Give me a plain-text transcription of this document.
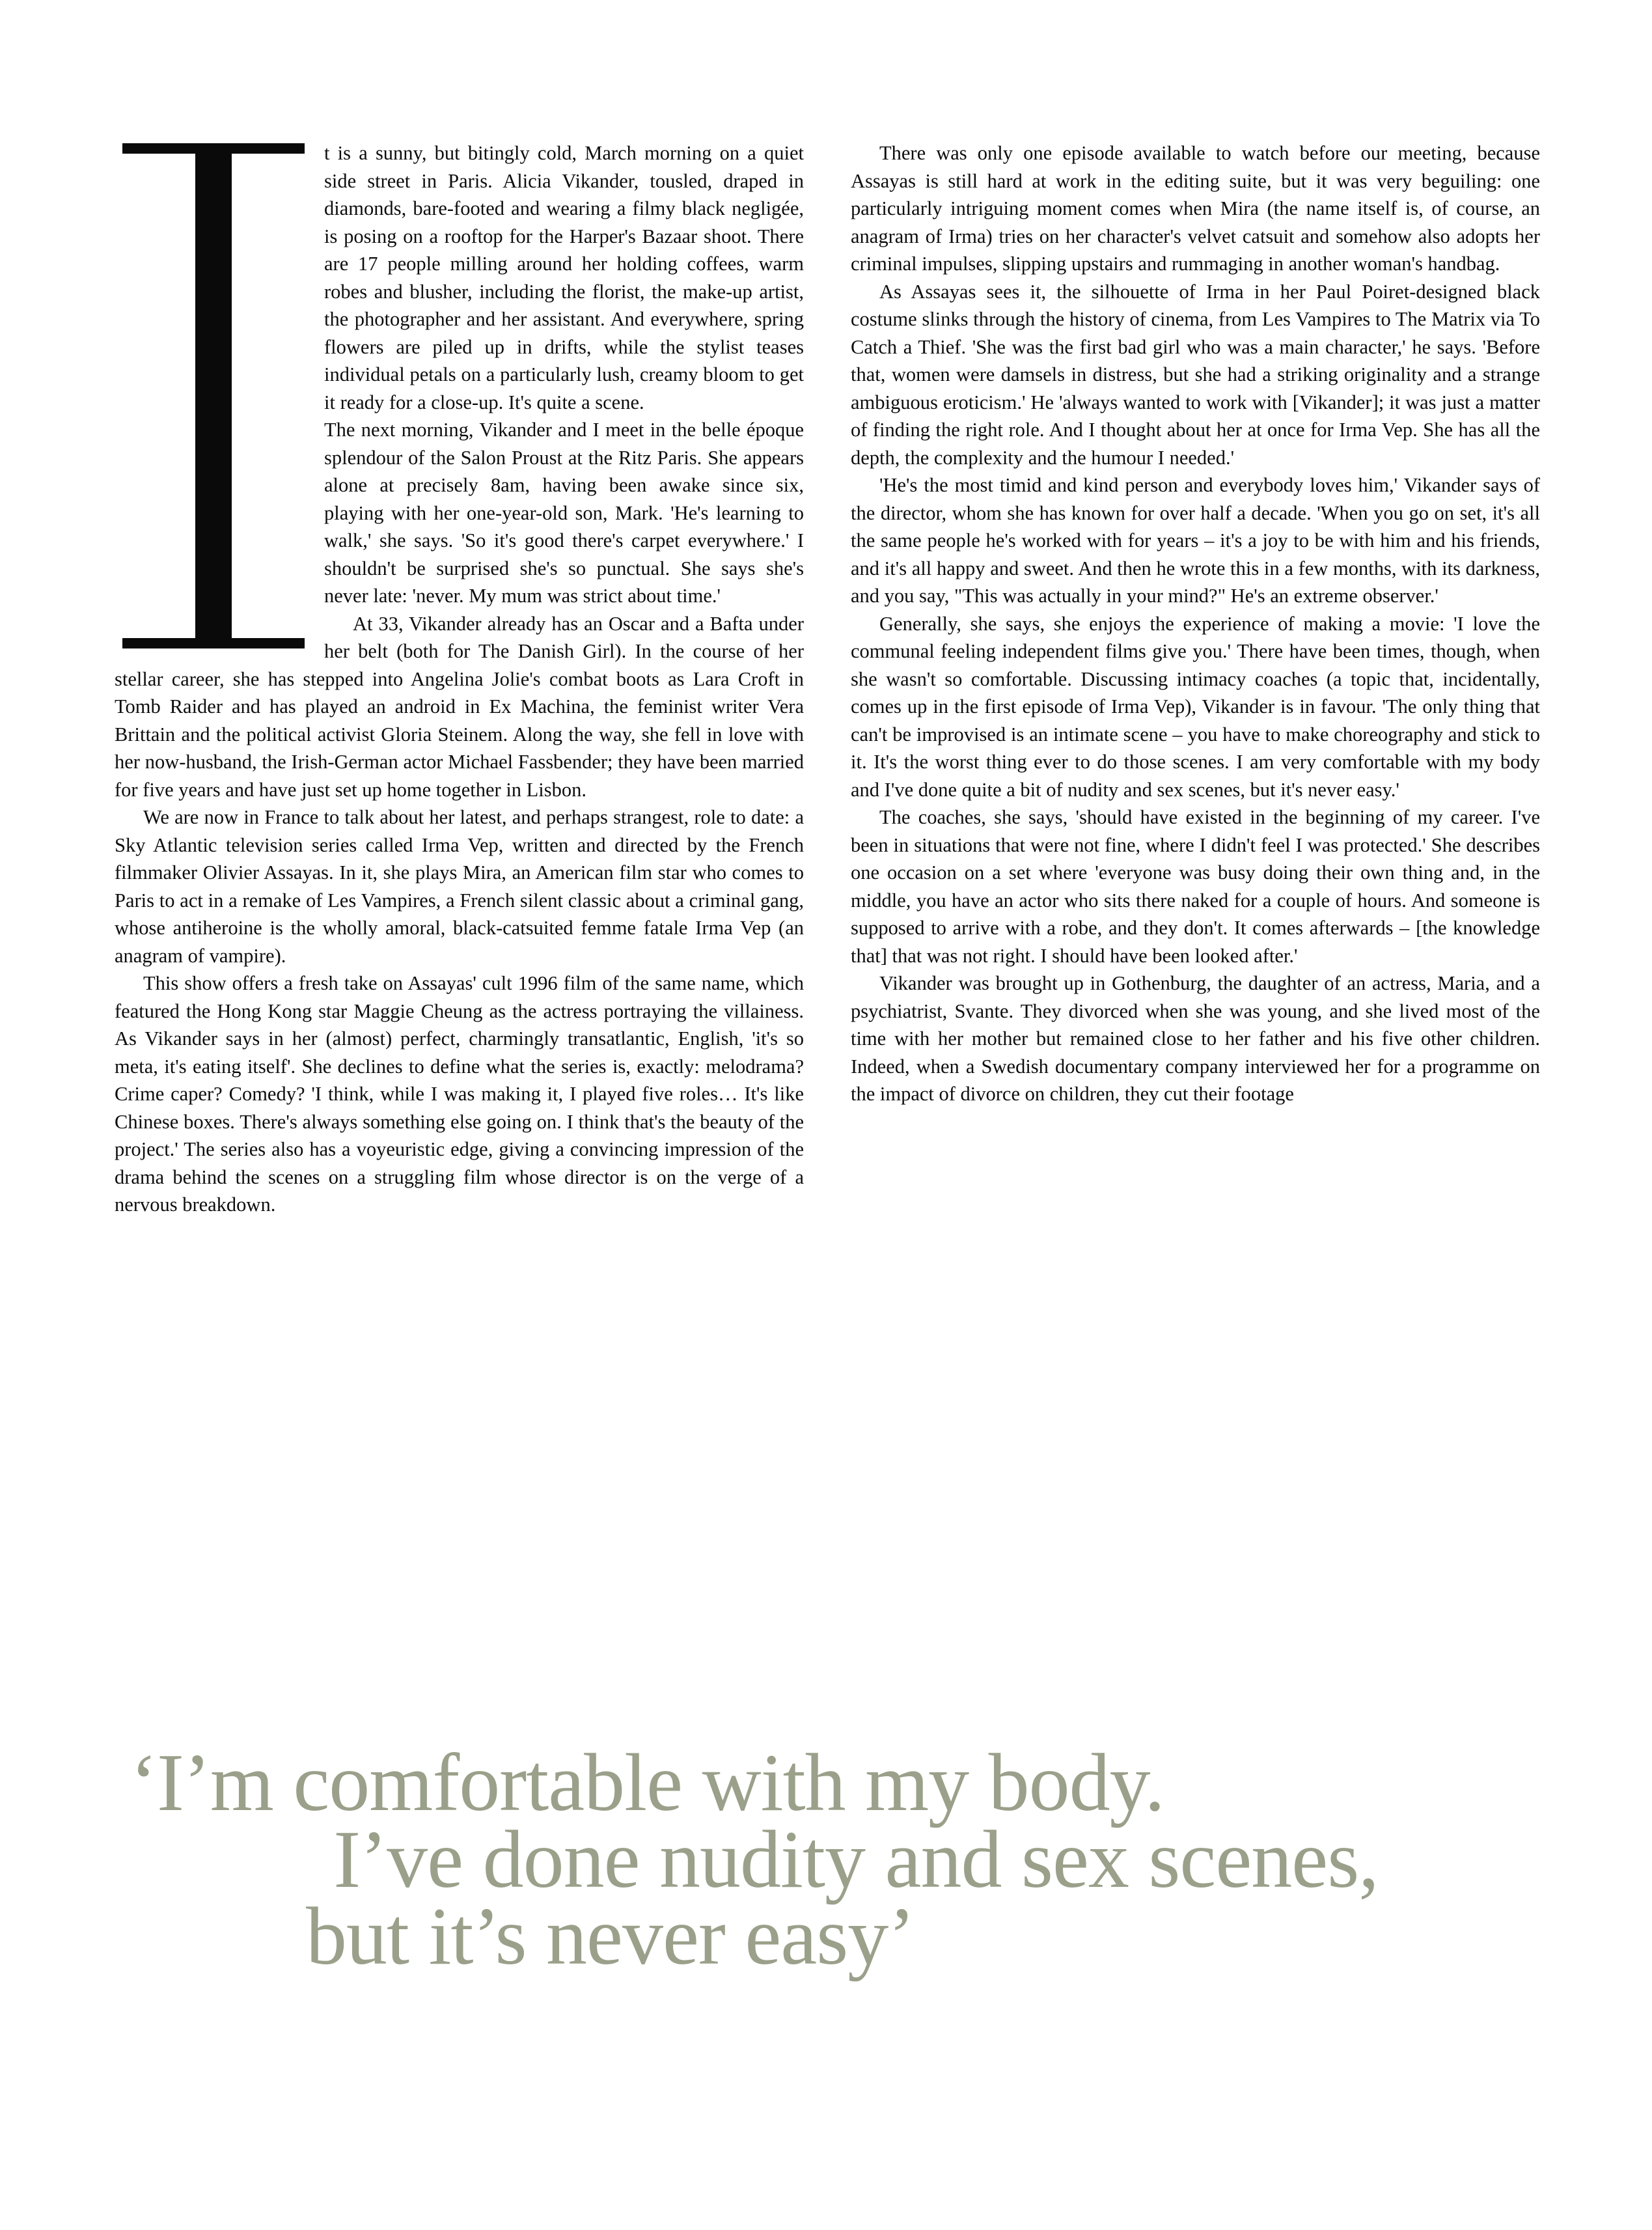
t is a sunny, but bitingly cold, March morning on a quiet side street in Paris. Alicia Vikander, tousled, draped in diamonds, bare-footed and wearing a filmy black negligée, is posing on a rooftop for the Harper's Bazaar shoot. There are 17 people milling around her holding coffees, warm robes and blusher, including the florist, the make-up artist, the photographer and her assistant. And everywhere, spring flowers are piled up in drifts, while the stylist teases individual petals on a particularly lush, creamy bloom to get it ready for a close-up. It's quite a scene.

The next morning, Vikander and I meet in the belle époque splendour of the Salon Proust at the Ritz Paris. She appears alone at precisely 8am, having been awake since six, playing with her one-year-old son, Mark. 'He's learning to walk,' she says. 'So it's good there's carpet everywhere.' I shouldn't be surprised she's so punctual. She says she's never late: 'never. My mum was strict about time.'

At 33, Vikander already has an Oscar and a Bafta under her belt (both for The Danish Girl). In the course of her stellar career, she has stepped into Angelina Jolie's combat boots as Lara Croft in Tomb Raider and has played an android in Ex Machina, the feminist writer Vera Brittain and the political activist Gloria Steinem. Along the way, she fell in love with her now-husband, the Irish-German actor Michael Fassbender; they have been married for five years and have just set up home together in Lisbon.

We are now in France to talk about her latest, and perhaps strangest, role to date: a Sky Atlantic television series called Irma Vep, written and directed by the French filmmaker Olivier Assayas. In it, she plays Mira, an American film star who comes to Paris to act in a remake of Les Vampires, a French silent classic about a criminal gang, whose antiheroine is the wholly amoral, black-catsuited femme fatale Irma Vep (an anagram of vampire).

This show offers a fresh take on Assayas' cult 1996 film of the same name, which featured the Hong Kong star Maggie Cheung as the actress portraying the villainess. As Vikander says in her (almost) perfect, charmingly transatlantic, English, 'it's so meta, it's eating itself'. She declines to define what the series is, exactly: melodrama? Crime caper? Comedy? 'I think, while I was making it, I played five roles… It's like Chinese boxes. There's always something else going on. I think that's the beauty of the project.' The series also has a voyeuristic edge, giving a convincing impression of the drama behind the scenes on a struggling film whose director is on the verge of a nervous breakdown.

There was only one episode available to watch before our meeting, because Assayas is still hard at work in the editing suite, but it was very beguiling: one particularly intriguing moment comes when Mira (the name itself is, of course, an anagram of Irma) tries on her character's velvet catsuit and somehow also adopts her criminal impulses, slipping upstairs and rummaging in another woman's handbag.

As Assayas sees it, the silhouette of Irma in her Paul Poiret-designed black costume slinks through the history of cinema, from Les Vampires to The Matrix via To Catch a Thief. 'She was the first bad girl who was a main character,' he says. 'Before that, women were damsels in distress, but she had a striking originality and a strange ambiguous eroticism.' He 'always wanted to work with [Vikander]; it was just a matter of finding the right role. And I thought about her at once for Irma Vep. She has all the depth, the complexity and the humour I needed.'

'He's the most timid and kind person and everybody loves him,' Vikander says of the director, whom she has known for over half a decade. 'When you go on set, it's all the same people he's worked with for years – it's a joy to be with him and his friends, and it's all happy and sweet. And then he wrote this in a few months, with its darkness, and you say, "This was actually in your mind?" He's an extreme observer.'

Generally, she says, she enjoys the experience of making a movie: 'I love the communal feeling independent films give you.' There have been times, though, when she wasn't so comfortable. Discussing intimacy coaches (a topic that, incidentally, comes up in the first episode of Irma Vep), Vikander is in favour. 'The only thing that can't be improvised is an intimate scene – you have to make choreography and stick to it. It's the worst thing ever to do those scenes. I am very comfortable with my body and I've done quite a bit of nudity and sex scenes, but it's never easy.'

The coaches, she says, 'should have existed in the beginning of my career. I've been in situations that were not fine, where I didn't feel I was protected.' She describes one occasion on a set where 'everyone was busy doing their own thing and, in the middle, you have an actor who sits there naked for a couple of hours. And someone is supposed to arrive with a robe, and they don't. It comes afterwards – [the knowledge that] that was not right. I should have been looked after.'

Vikander was brought up in Gothenburg, the daughter of an actress, Maria, and a psychiatrist, Svante. They divorced when she was young, and she lived most of the time with her mother but remained close to her father and his five other children. Indeed, when a Swedish documentary company interviewed her for a programme on the impact of divorce on children, they cut their footage

‘I’m comfortable with my body.
I’ve done nudity and sex scenes,
but it’s never easy’
